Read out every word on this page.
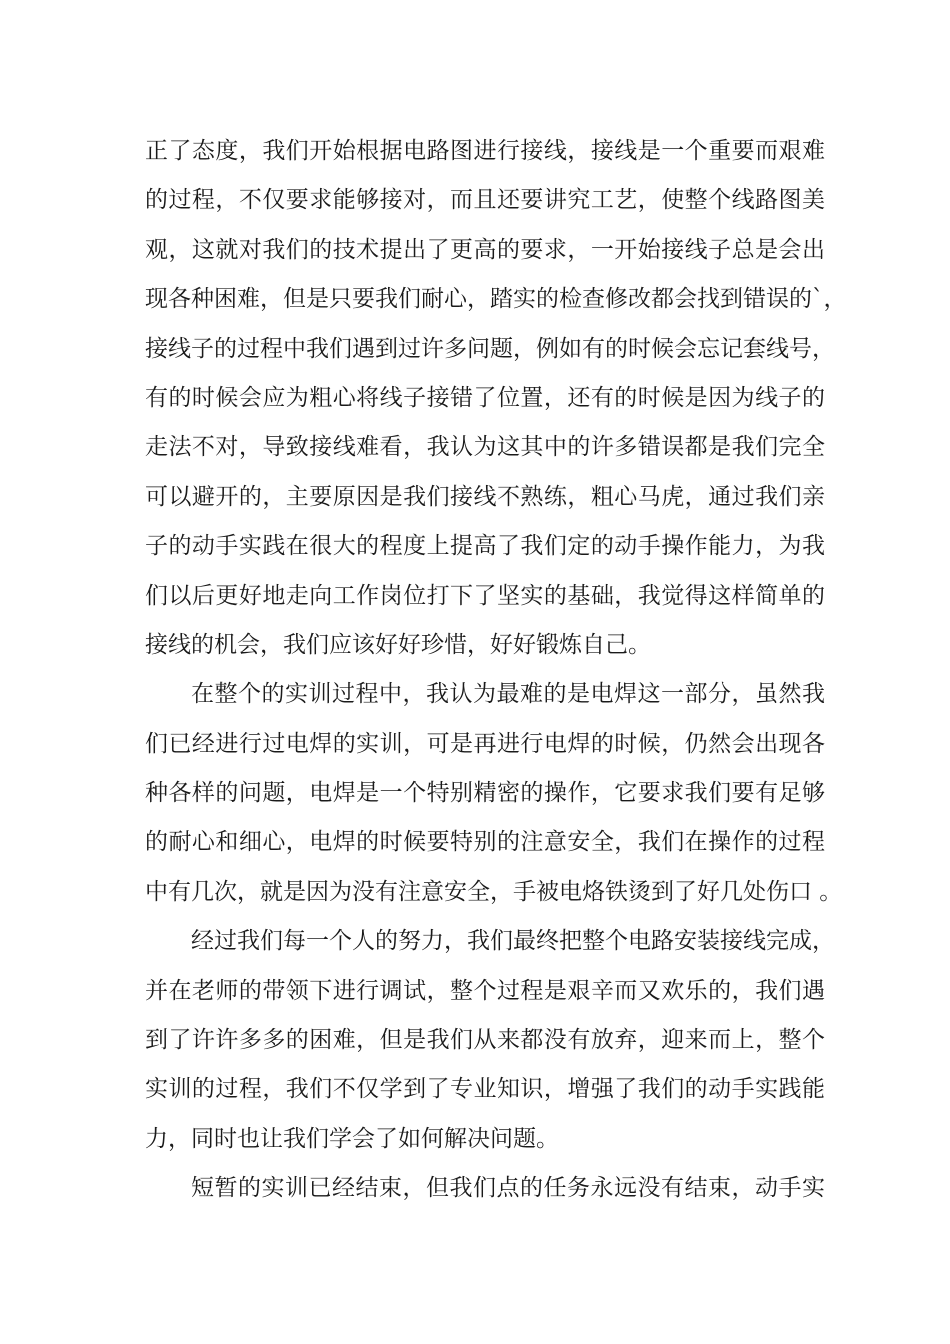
正了态度，我们开始根据电路图进行接线，接线是一个重要而艰难
的过程，不仅要求能够接对，而且还要讲究工艺，使整个线路图美
观，这就对我们的技术提出了更高的要求，一开始接线子总是会出
现各种困难，但是只要我们耐心，踏实的检查修改都会找到错误的`，
接线子的过程中我们遇到过许多问题，例如有的时候会忘记套线号，
有的时候会应为粗心将线子接错了位置，还有的时候是因为线子的
走法不对，导致接线难看，我认为这其中的许多错误都是我们完全
可以避开的，主要原因是我们接线不熟练，粗心马虎，通过我们亲
子的动手实践在很大的程度上提高了我们定的动手操作能力，为我
们以后更好地走向工作岗位打下了坚实的基础，我觉得这样简单的
接线的机会，我们应该好好珍惜，好好锻炼自己。
在整个的实训过程中，我认为最难的是电焊这一部分，虽然我
们已经进行过电焊的实训，可是再进行电焊的时候，仍然会出现各
种各样的问题，电焊是一个特别精密的操作，它要求我们要有足够
的耐心和细心，电焊的时候要特别的注意安全，我们在操作的过程
中有几次，就是因为没有注意安全，手被电烙铁烫到了好几处伤口 。
经过我们每一个人的努力，我们最终把整个电路安装接线完成，
并在老师的带领下进行调试，整个过程是艰辛而又欢乐的，我们遇
到了许许多多的困难，但是我们从来都没有放弃，迎来而上，整个
实训的过程，我们不仅学到了专业知识，增强了我们的动手实践能
力，同时也让我们学会了如何解决问题。
短暂的实训已经结束，但我们点的任务永远没有结束，动手实
